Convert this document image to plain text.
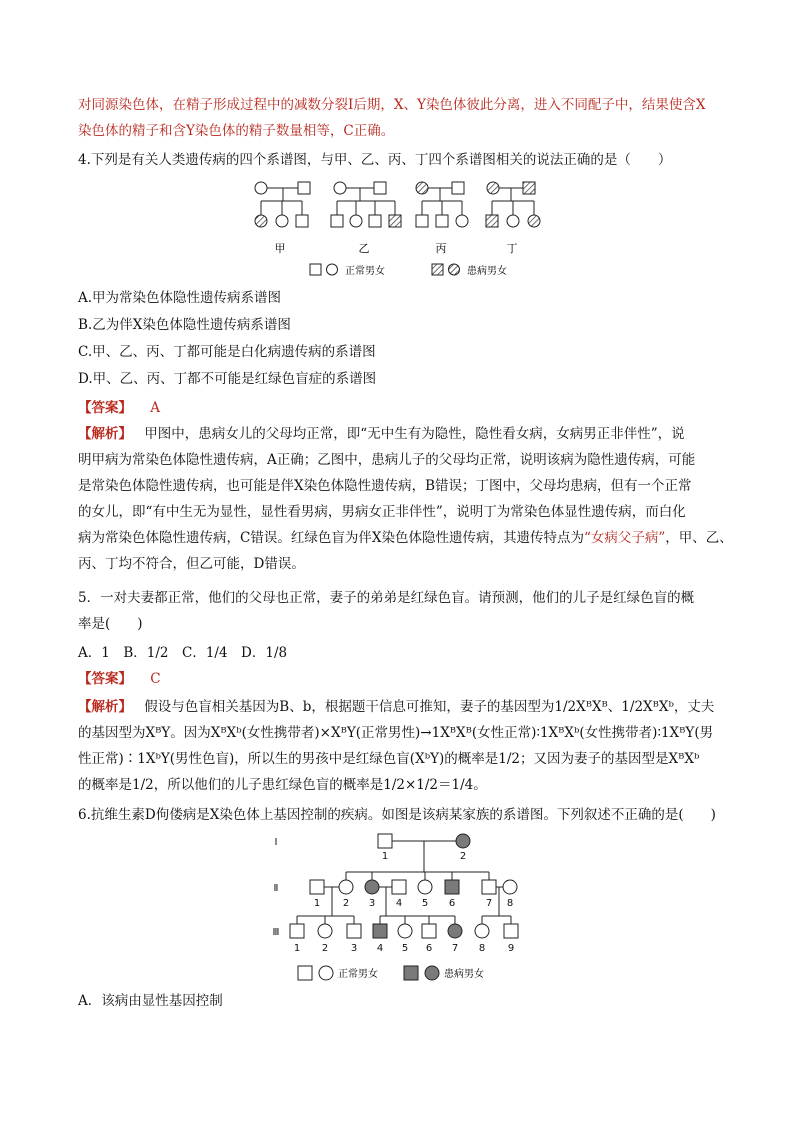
对同源染色体，在精子形成过程中的减数分裂Ⅰ后期，X、Y染色体彼此分离，进入不同配子中，结果使含X
染色体的精子和含Y染色体的精子数量相等，C正确。
4.下列是有关人类遗传病的四个系谱图，与甲、乙、丙、丁四个系谱图相关的说法正确的是（　　）
甲	乙	丙	丁
正常男女	患病男女
A.甲为常染色体隐性遗传病系谱图
B.乙为伴X染色体隐性遗传病系谱图
C.甲、乙、丙、丁都可能是白化病遗传病的系谱图
D.甲、乙、丙、丁都不可能是红绿色盲症的系谱图
【答案】 A
【解析】 甲图中，患病女儿的父母均正常，即“无中生有为隐性，隐性看女病，女病男正非伴性”，说
明甲病为常染色体隐性遗传病，A正确；乙图中，患病儿子的父母均正常，说明该病为隐性遗传病，可能
是常染色体隐性遗传病，也可能是伴X染色体隐性遗传病，B错误；丁图中，父母均患病，但有一个正常
的女儿，即“有中生无为显性，显性看男病，男病女正非伴性”，说明丁为常染色体显性遗传病，而白化
病为常染色体隐性遗传病，C错误。红绿色盲为伴X染色体隐性遗传病，其遗传特点为“女病父子病”，甲、乙、
丙、丁均不符合，但乙可能，D错误。
5．一对夫妻都正常，他们的父母也正常，妻子的弟弟是红绿色盲。请预测，他们的儿子是红绿色盲的概
率是(　　)
A．1　B．1/2　C．1/4　D．1/8
【答案】 C
【解析】 假设与色盲相关基因为B、b，根据题干信息可推知，妻子的基因型为1/2XᴮXᴮ、1/2XᴮXᵇ，丈夫
的基因型为XᴮY。因为XᴮXᵇ(女性携带者)×XᴮY(正常男性)→1XᴮXᴮ(女性正常)∶1XᴮXᵇ(女性携带者)∶1XᴮY(男
性正常)∶1XᵇY(男性色盲)，所以生的男孩中是红绿色盲(XᵇY)的概率是1/2；又因为妻子的基因型是XᴮXᵇ
的概率是1/2，所以他们的儿子患红绿色盲的概率是1/2×1/2＝1/4。
6.抗维生素D佝偻病是X染色体上基因控制的疾病。如图是该病某家族的系谱图。下列叙述不正确的是(　　)
Ⅰ
Ⅱ
Ⅲ
1	2
1 2 3 4 5 6	7 8
1 2 3 4 5 6 7 8 9
正常男女	患病男女
A．该病由显性基因控制
